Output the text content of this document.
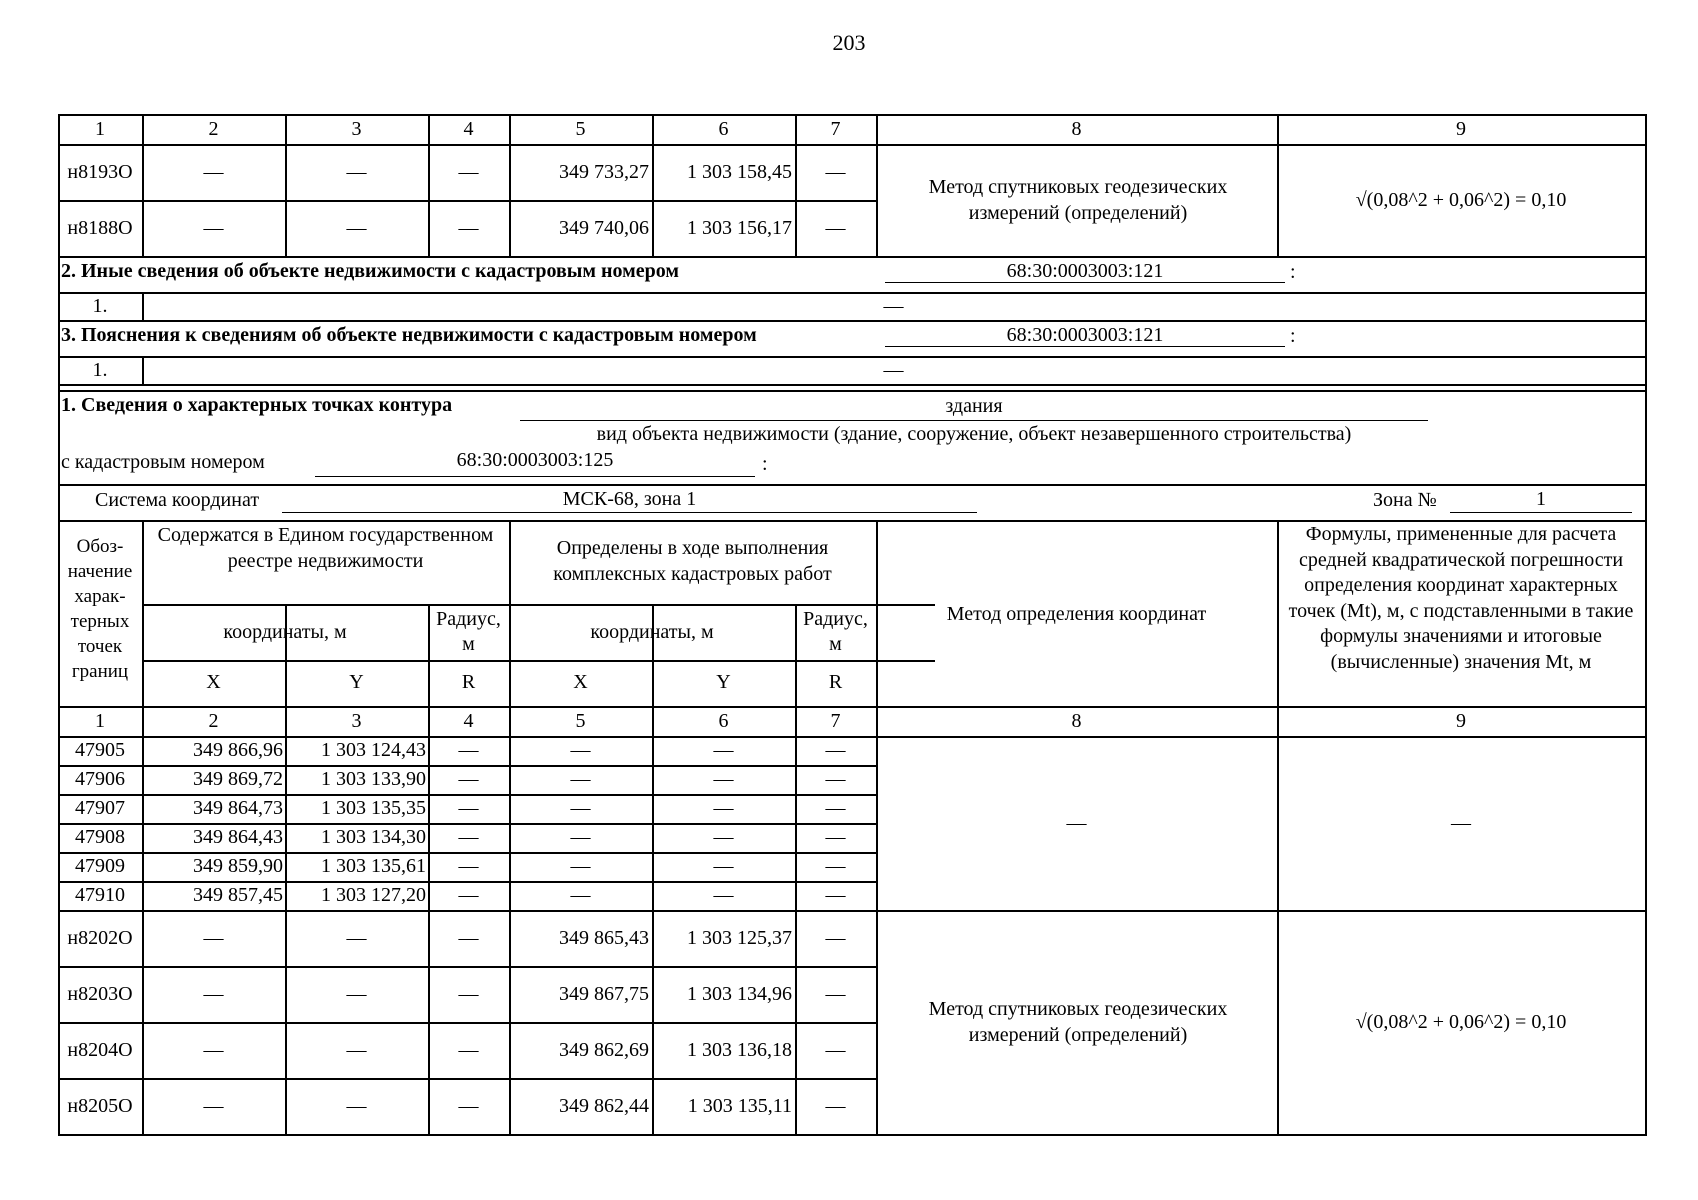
203
1	2	3	4	5	6	7	8	9
н8193О	—	—	—	349 733,27	1 303 158,45	—
н8188О	—	—	—	349 740,06	1 303 156,17	—
Метод спутниковых геодезических измерений (определений)
√(0,08^2 + 0,06^2) = 0,10
2. Иные сведения об объекте недвижимости с кадастровым номером	68:30:0003003:121	:
1.	—
3. Пояснения к сведениям об объекте недвижимости с кадастровым номером	68:30:0003003:121	:
1.	—
1. Сведения о характерных точках контура	здания
вид объекта недвижимости (здание, сооружение, объект незавершенного строительства)
с кадастровым номером	68:30:0003003:125	:
Система координат	МСК-68, зона 1	Зона №	1
Обоз-
начение
харак-
терных
точек
границ
Содержатся в Едином государственном реестре недвижимости
Определены в ходе выполнения комплексных кадастровых работ
координаты, м
Радиус,
м
координаты, м
Радиус,
м
X	Y	R	X	Y	R
Метод определения координат
Формулы, примененные для расчета средней квадратической погрешности определения координат характерных точек (Mt), м, с подставленными в такие формулы значениями и итоговые (вычисленные) значения Mt, м
1	2	3	4	5	6	7	8	9
47905	349 866,96	1 303 124,43	—	—	—	—
47906	349 869,72	1 303 133,90	—	—	—	—
47907	349 864,73	1 303 135,35	—	—	—	—
47908	349 864,43	1 303 134,30	—	—	—	—
47909	349 859,90	1 303 135,61	—	—	—	—
47910	349 857,45	1 303 127,20	—	—	—	—
—	—
н8202О	—	—	—	349 865,43	1 303 125,37	—
н8203О	—	—	—	349 867,75	1 303 134,96	—
н8204О	—	—	—	349 862,69	1 303 136,18	—
н8205О	—	—	—	349 862,44	1 303 135,11	—
Метод спутниковых геодезических измерений (определений)
√(0,08^2 + 0,06^2) = 0,10
